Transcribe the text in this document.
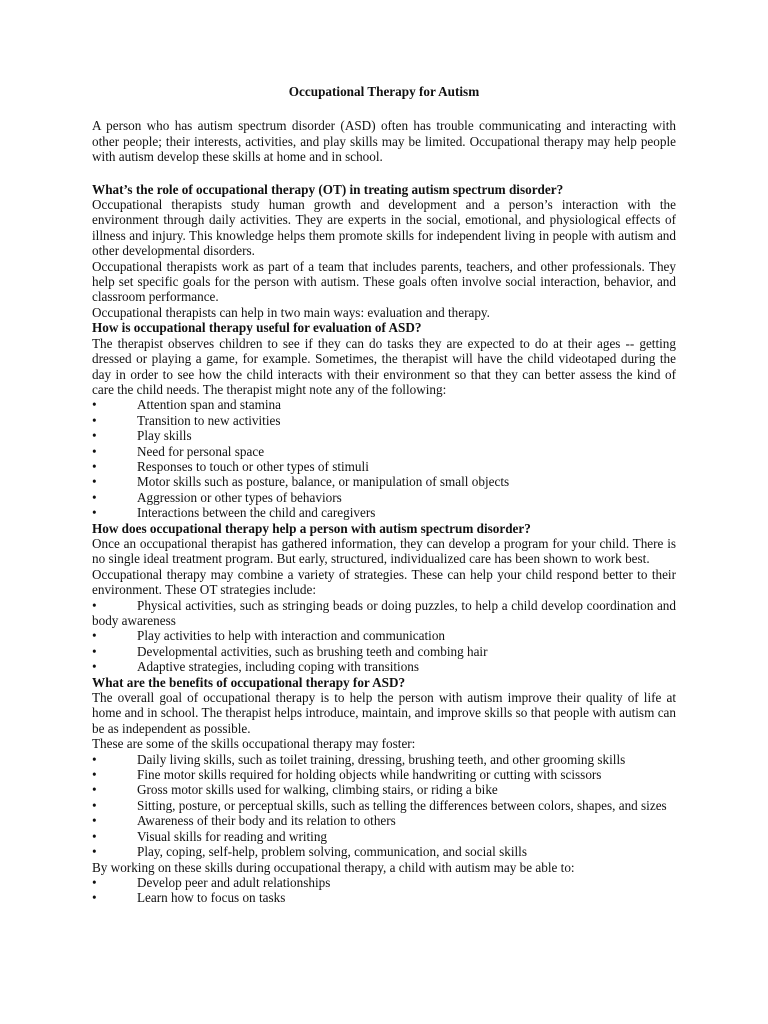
Occupational Therapy for Autism

A person who has autism spectrum disorder (ASD) often has trouble communicating and interacting with other people; their interests, activities, and play skills may be limited. Occupational therapy may help people with autism develop these skills at home and in school.

What’s the role of occupational therapy (OT) in treating autism spectrum disorder?

Occupational therapists study human growth and development and a person’s interaction with the environment through daily activities. They are experts in the social, emotional, and physiological effects of illness and injury. This knowledge helps them promote skills for independent living in people with autism and other developmental disorders.

Occupational therapists work as part of a team that includes parents, teachers, and other professionals. They help set specific goals for the person with autism. These goals often involve social interaction, behavior, and classroom performance.

Occupational therapists can help in two main ways: evaluation and therapy.

How is occupational therapy useful for evaluation of ASD?

The therapist observes children to see if they can do tasks they are expected to do at their ages -- getting dressed or playing a game, for example. Sometimes, the therapist will have the child videotaped during the day in order to see how the child interacts with their environment so that they can better assess the kind of care the child needs. The therapist might note any of the following:

• Attention span and stamina
• Transition to new activities
• Play skills
• Need for personal space
• Responses to touch or other types of stimuli
• Motor skills such as posture, balance, or manipulation of small objects
• Aggression or other types of behaviors
• Interactions between the child and caregivers
How does occupational therapy help a person with autism spectrum disorder?

Once an occupational therapist has gathered information, they can develop a program for your child. There is no single ideal treatment program. But early, structured, individualized care has been shown to work best.

Occupational therapy may combine a variety of strategies. These can help your child respond better to their environment. These OT strategies include:

• Physical activities, such as stringing beads or doing puzzles, to help a child develop coordination and body awareness
• Play activities to help with interaction and communication
• Developmental activities, such as brushing teeth and combing hair
• Adaptive strategies, including coping with transitions
What are the benefits of occupational therapy for ASD?

The overall goal of occupational therapy is to help the person with autism improve their quality of life at home and in school. The therapist helps introduce, maintain, and improve skills so that people with autism can be as independent as possible.

These are some of the skills occupational therapy may foster:

• Daily living skills, such as toilet training, dressing, brushing teeth, and other grooming skills
• Fine motor skills required for holding objects while handwriting or cutting with scissors
• Gross motor skills used for walking, climbing stairs, or riding a bike
• Sitting, posture, or perceptual skills, such as telling the differences between colors, shapes, and sizes
• Awareness of their body and its relation to others
• Visual skills for reading and writing
• Play, coping, self-help, problem solving, communication, and social skills

By working on these skills during occupational therapy, a child with autism may be able to:

• Develop peer and adult relationships
• Learn how to focus on tasks
